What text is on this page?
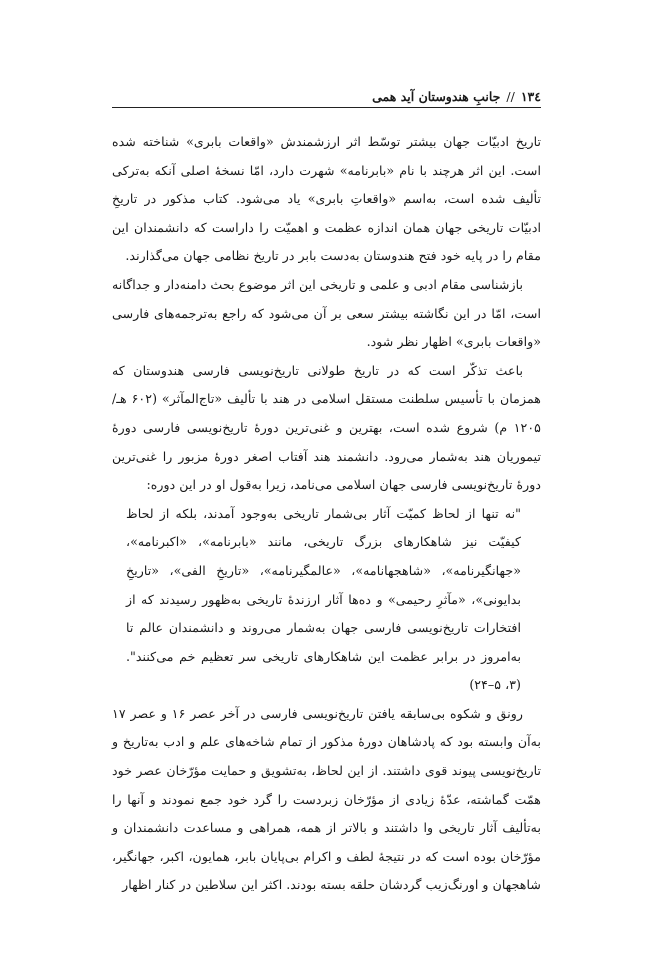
۱۳٤
//
جانبِ هندوستان آید همی

تاریخ ادبیّات جهان بیشتر توسّط اثر ارزشمندش «واقعات بابری» شناخته شده است. این اثر هرچند با نام «بابرنامه» شهرت دارد، امّا نسخهٔ اصلی آنکه به‌ترکی تألیف شده است، به‌اسم «واقعاتِ بابری» یاد می‌شود. کتاب مذکور در تاریخِ ادبیّات تاریخی جهان همان اندازه عظمت و اهمیّت را داراست که دانشمندان این مقام را در پایه خود فتح هندوستان به‌دست بابر در تاریخ نظامی جهان می‌گذارند.

بازشناسی مقام ادبی و علمی و تاریخی این اثر موضوع بحث دامنه‌دار و جداگانه است، امّا در این نگاشته بیشتر سعی بر آن می‌شود که راجع به‌ترجمه‌های فارسی «واقعات بابری» اظهار نظر شود.

باعث تذکّر است که در تاریخ طولانی تاریخ‌نویسی فارسی هندوستان که همزمان با تأسیس سلطنت مستقل اسلامی در هند با تألیف «تاج‌المآثر» (۶۰۲ هـ/۱۲۰۵ م) شروع شده است، بهترین و غنی‌ترین دورهٔ تاریخ‌نویسی فارسی دورهٔ تیموریان هند به‌شمار می‌رود. دانشمند هند آفتاب اصغر دورهٔ مزبور را غنی‌ترین دورهٔ تاریخ‌نویسی فارسی جهان اسلامی می‌نامد، زیرا به‌قول او در این دوره:

"نه تنها از لحاظ کمیّت آثار بی‌شمار تاریخی به‌وجود آمدند، بلکه از لحاظ کیفیّت نیز شاهکارهای بزرگ تاریخی، مانند «بابرنامه»، «اکبرنامه»، «جهانگیرنامه»، «شاهجهانامه»، «عالمگیرنامه»، «تاریخِ الفی»، «تاریخِ بدایونی»، «مآثرِ رحیمی» و ده‌ها آثار ارزندهٔ تاریخی به‌ظهور رسیدند که از افتخارات تاریخ‌نویسی فارسی جهان به‌شمار می‌روند و دانشمندان عالم تا به‌امروز در برابر عظمت این شاهکارهای تاریخی سر تعظیم خم می‌کنند". (۳، ۵–۲۴)

رونق و شکوه بی‌سابقه یافتن تاریخ‌نویسی فارسی در آخر عصر ۱۶ و عصر ۱۷ به‌آن وابسته بود که پادشاهان دورهٔ مذکور از تمام شاخه‌های علم و ادب به‌تاریخ و تاریخ‌نویسی پیوند قوی داشتند. از این لحاظ، به‌تشویق و حمایت مؤرّخان عصر خود همّت گماشته، عدّهٔ زیادی از مؤرّخان زبردست را گرد خود جمع نمودند و آنها را به‌تألیف آثار تاریخی وا داشتند و بالاتر از همه، همراهی و مساعدت دانشمندان و مؤرّخان بوده است که در نتیجهٔ لطف و اکرام بی‌پایان بابر، همایون، اکبر، جهانگیر، شاهجهان و اورنگ‌زیب گردشان حلقه بسته بودند. اکثر این سلاطین در کنار اظهار
